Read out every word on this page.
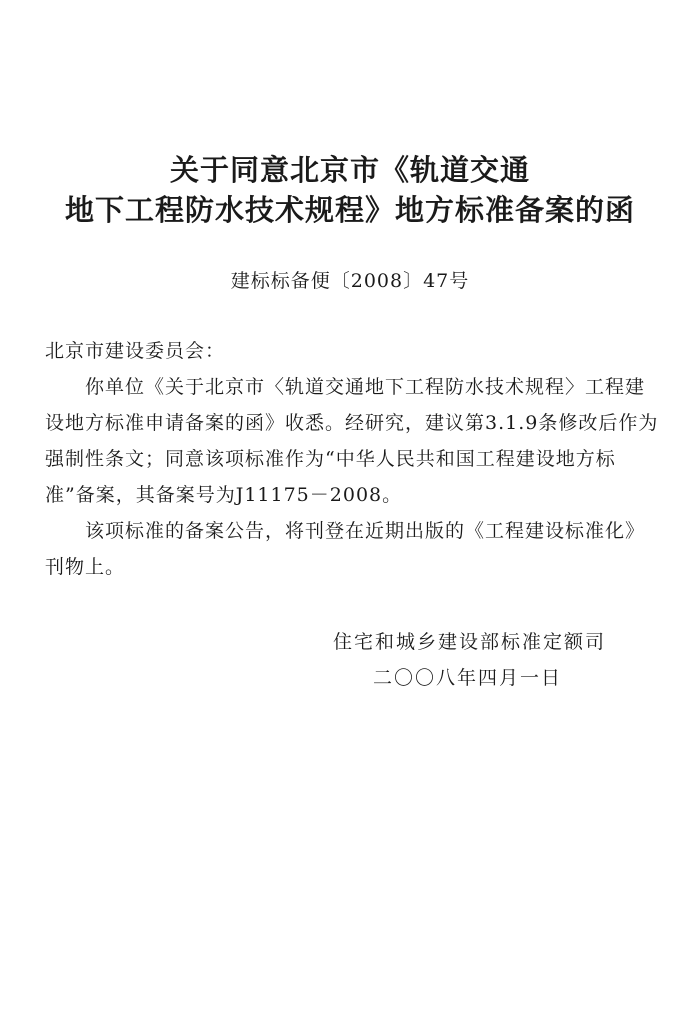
关于同意北京市《轨道交通
地下工程防水技术规程》地方标准备案的函
建标标备便〔2008〕47号

北京市建设委员会：

你单位《关于北京市〈轨道交通地下工程防水技术规程〉工程建设地方标准申请备案的函》收悉。经研究，建议第3.1.9条修改后作为强制性条文；同意该项标准作为“中华人民共和国工程建设地方标准”备案，其备案号为J11175－2008。

该项标准的备案公告，将刊登在近期出版的《工程建设标准化》刊物上。

住宅和城乡建设部标准定额司
二〇〇八年四月一日
